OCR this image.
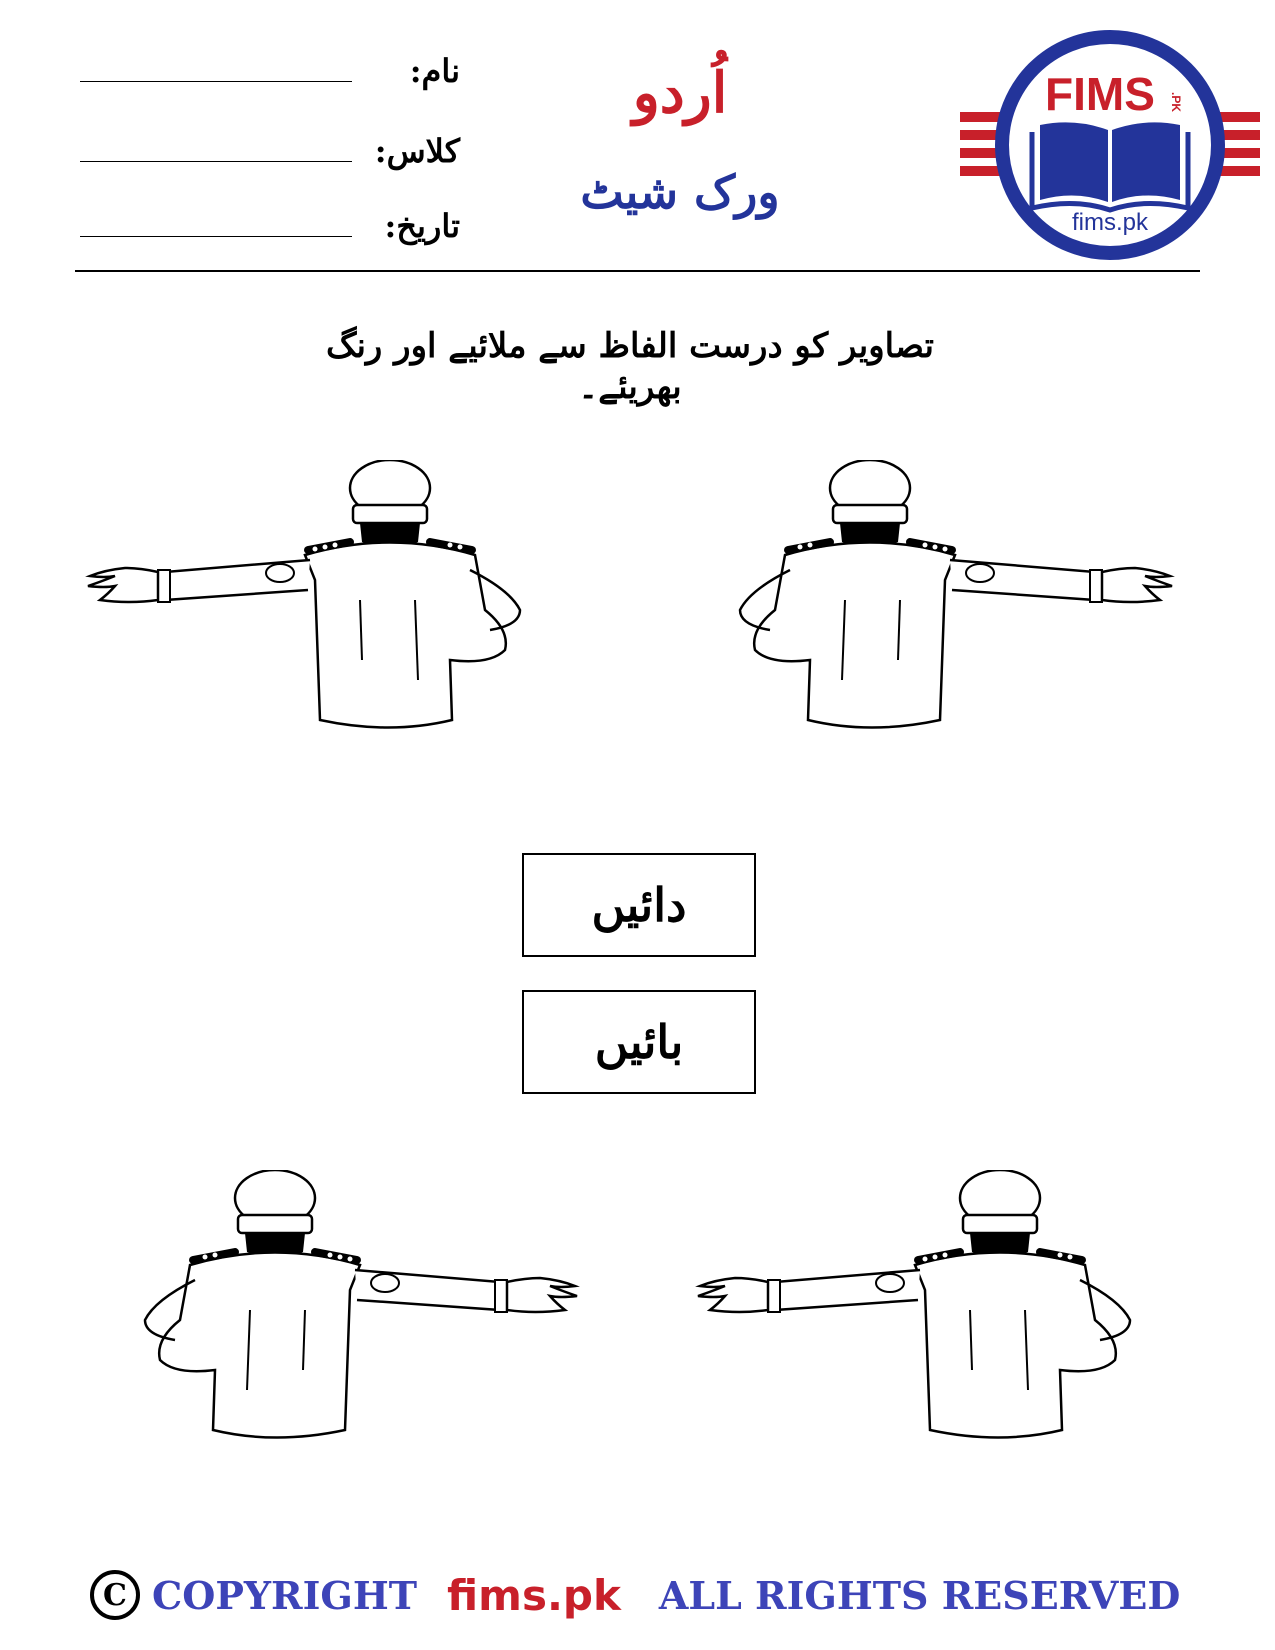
نام:
کلاس:
تاریخ:
اُردو
ورک شیٹ
FIMS .PK
fims.pk
تصاویر کو درست الفاظ سے ملائیے اور رنگ بھریئے۔
دائیں
بائیں
C COPYRIGHT fims.pk ALL RIGHTS RESERVED
